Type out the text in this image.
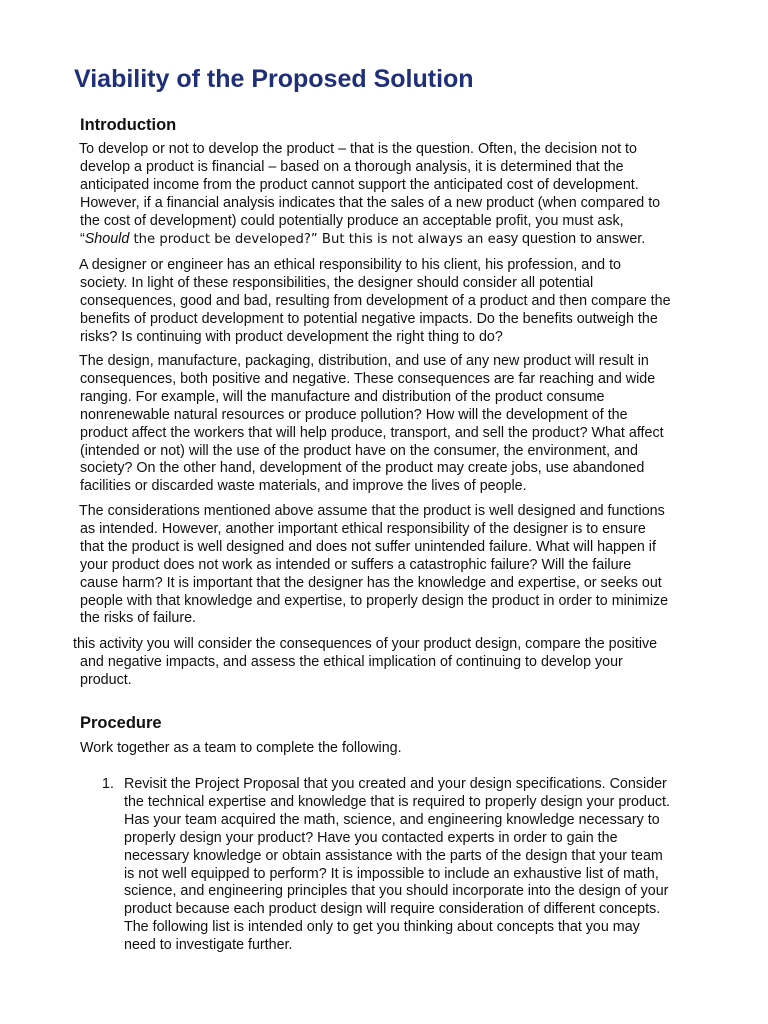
Viability of the Proposed Solution
Introduction

To develop or not to develop the product – that is the question. Often, the decision not to
develop a product is financial – based on a thorough analysis, it is determined that the
anticipated income from the product cannot support the anticipated cost of development.
However, if a financial analysis indicates that the sales of a new product (when compared to
the cost of development) could potentially produce an acceptable profit, you must ask,
“Should the product be developed?” But this is not always an easy question to answer.

A designer or engineer has an ethical responsibility to his client, his profession, and to
society. In light of these responsibilities, the designer should consider all potential
consequences, good and bad, resulting from development of a product and then compare the
benefits of product development to potential negative impacts. Do the benefits outweigh the
risks? Is continuing with product development the right thing to do?

The design, manufacture, packaging, distribution, and use of any new product will result in
consequences, both positive and negative. These consequences are far reaching and wide
ranging. For example, will the manufacture and distribution of the product consume
nonrenewable natural resources or produce pollution? How will the development of the
product affect the workers that will help produce, transport, and sell the product? What affect
(intended or not) will the use of the product have on the consumer, the environment, and
society? On the other hand, development of the product may create jobs, use abandoned
facilities or discarded waste materials, and improve the lives of people.

The considerations mentioned above assume that the product is well designed and functions
as intended. However, another important ethical responsibility of the designer is to ensure
that the product is well designed and does not suffer unintended failure. What will happen if
your product does not work as intended or suffers a catastrophic failure? Will the failure
cause harm? It is important that the designer has the knowledge and expertise, or seeks out
people with that knowledge and expertise, to properly design the product in order to minimize
the risks of failure.

this activity you will consider the consequences of your product design, compare the positive
and negative impacts, and assess the ethical implication of continuing to develop your
product.

Procedure

Work together as a team to complete the following.

1. Revisit the Project Proposal that you created and your design specifications. Consider
the technical expertise and knowledge that is required to properly design your product.
Has your team acquired the math, science, and engineering knowledge necessary to
properly design your product? Have you contacted experts in order to gain the
necessary knowledge or obtain assistance with the parts of the design that your team
is not well equipped to perform? It is impossible to include an exhaustive list of math,
science, and engineering principles that you should incorporate into the design of your
product because each product design will require consideration of different concepts.
The following list is intended only to get you thinking about concepts that you may
need to investigate further.
